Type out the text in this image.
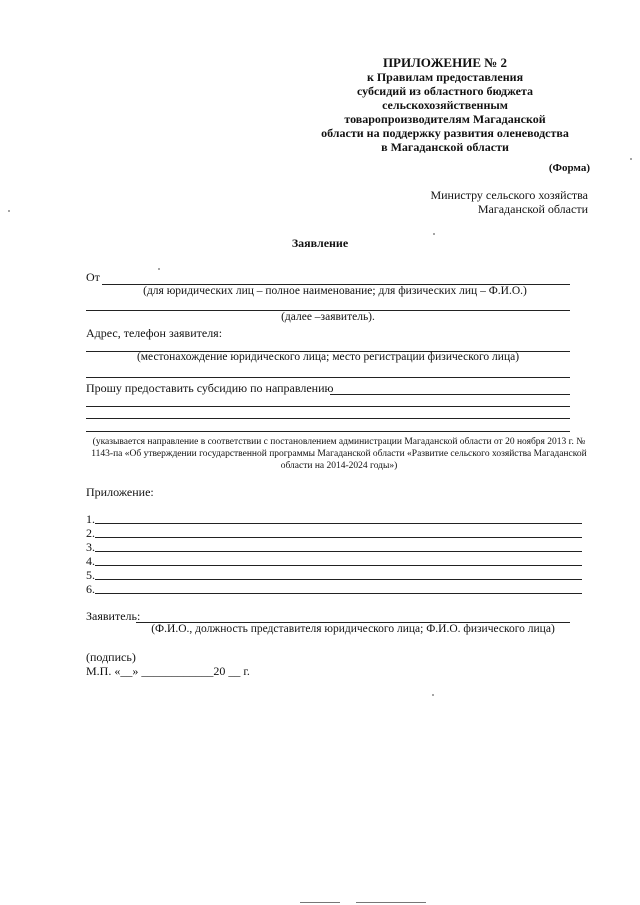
ПРИЛОЖЕНИЕ № 2
к Правилам предоставления
субсидий из областного бюджета
сельскохозяйственным
товаропроизводителям Магаданской
области на поддержку развития оленеводства
в Магаданской области
(Форма)
Министру сельского хозяйства
Магаданской области
Заявление
От
(для юридических лиц – полное наименование; для физических лиц – Ф.И.О.)
(далее –заявитель).
Адрес, телефон заявителя:
(местонахождение юридического лица; место регистрации физического лица)
Прошу предоставить субсидию по направлению
(указывается направление в соответствии с постановлением администрации Магаданской области от 20 ноября 2013 г. № 1143-па «Об утверждении государственной программы Магаданской области «Развитие сельского хозяйства Магаданской области на 2014-2024 годы»)
Приложение:
1.
2.
3.
4.
5.
6.
Заявитель:
(Ф.И.О., должность представителя юридического лица; Ф.И.О. физического лица)
(подпись)
М.П. «__» ____________20 __ г.
